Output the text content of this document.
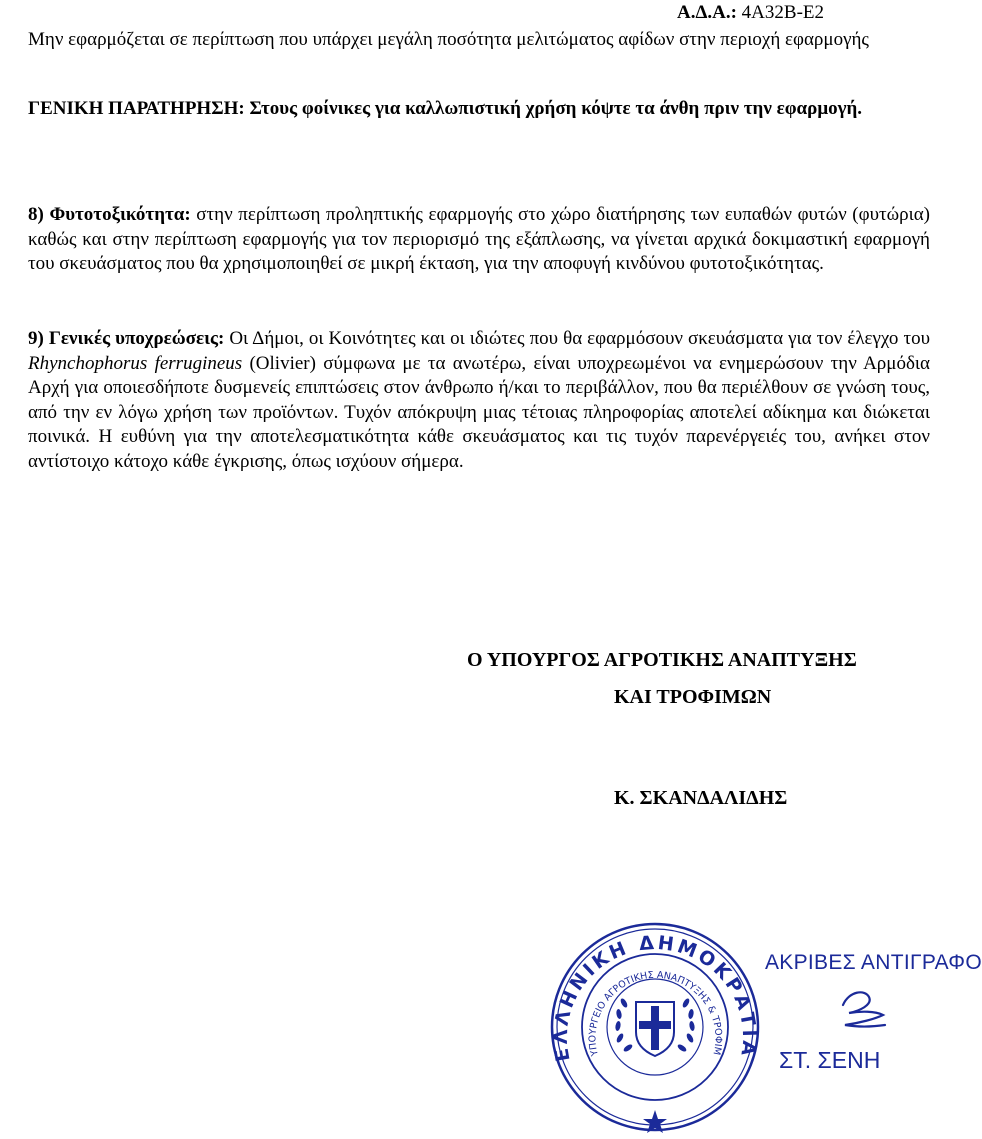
Α.Δ.Α.: 4Α32Β-Ε2
Μην εφαρμόζεται σε περίπτωση που υπάρχει μεγάλη ποσότητα μελιτώματος αφίδων στην περιοχή εφαρμογής
ΓΕΝΙΚΗ ΠΑΡΑΤΗΡΗΣΗ: Στους φοίνικες για καλλωπιστική χρήση κόψτε τα άνθη πριν την εφαρμογή.
8) Φυτοτοξικότητα: στην περίπτωση προληπτικής εφαρμογής στο χώρο διατήρησης των ευπαθών φυτών (φυτώρια) καθώς και στην περίπτωση εφαρμογής για τον περιορισμό της εξάπλωσης, να γίνεται αρχικά δοκιμαστική εφαρμογή του σκευάσματος που θα χρησιμοποιηθεί σε μικρή έκταση, για την αποφυγή κινδύνου φυτοτοξικότητας.
9) Γενικές υποχρεώσεις: Οι Δήμοι, οι Κοινότητες και οι ιδιώτες που θα εφαρμόσουν σκευάσματα για τον έλεγχο του Rhynchophorus ferrugineus (Olivier) σύμφωνα με τα ανωτέρω, είναι υποχρεωμένοι να ενημερώσουν την Αρμόδια Αρχή για οποιεσδήποτε δυσμενείς επιπτώσεις στον άνθρωπο ή/και το περιβάλλον, που θα περιέλθουν σε γνώση τους, από την εν λόγω χρήση των προϊόντων. Τυχόν απόκρυψη μιας τέτοιας πληροφορίας αποτελεί αδίκημα και διώκεται ποινικά. Η ευθύνη για την αποτελεσματικότητα κάθε σκευάσματος και τις τυχόν παρενέργειές του, ανήκει στον αντίστοιχο κάτοχο κάθε έγκρισης, όπως ισχύουν σήμερα.
Ο ΥΠΟΥΡΓΟΣ ΑΓΡΟΤΙΚΗΣ ΑΝΑΠΤΥΞΗΣ
ΚΑΙ ΤΡΟΦΙΜΩΝ
Κ. ΣΚΑΝΔΑΛΙΔΗΣ
ΕΛΛΗΝΙΚΗ ΔΗΜΟΚΡΑΤΙΑ
ΥΠΟΥΡΓΕΙΟ ΑΓΡΟΤΙΚΗΣ ΑΝΑΠΤΥΞΗΣ & ΤΡΟΦΙΜ
ΑΚΡΙΒΕΣ ΑΝΤΙΓΡΑΦΟ
ΣΤ. ΣΕΝΗ
